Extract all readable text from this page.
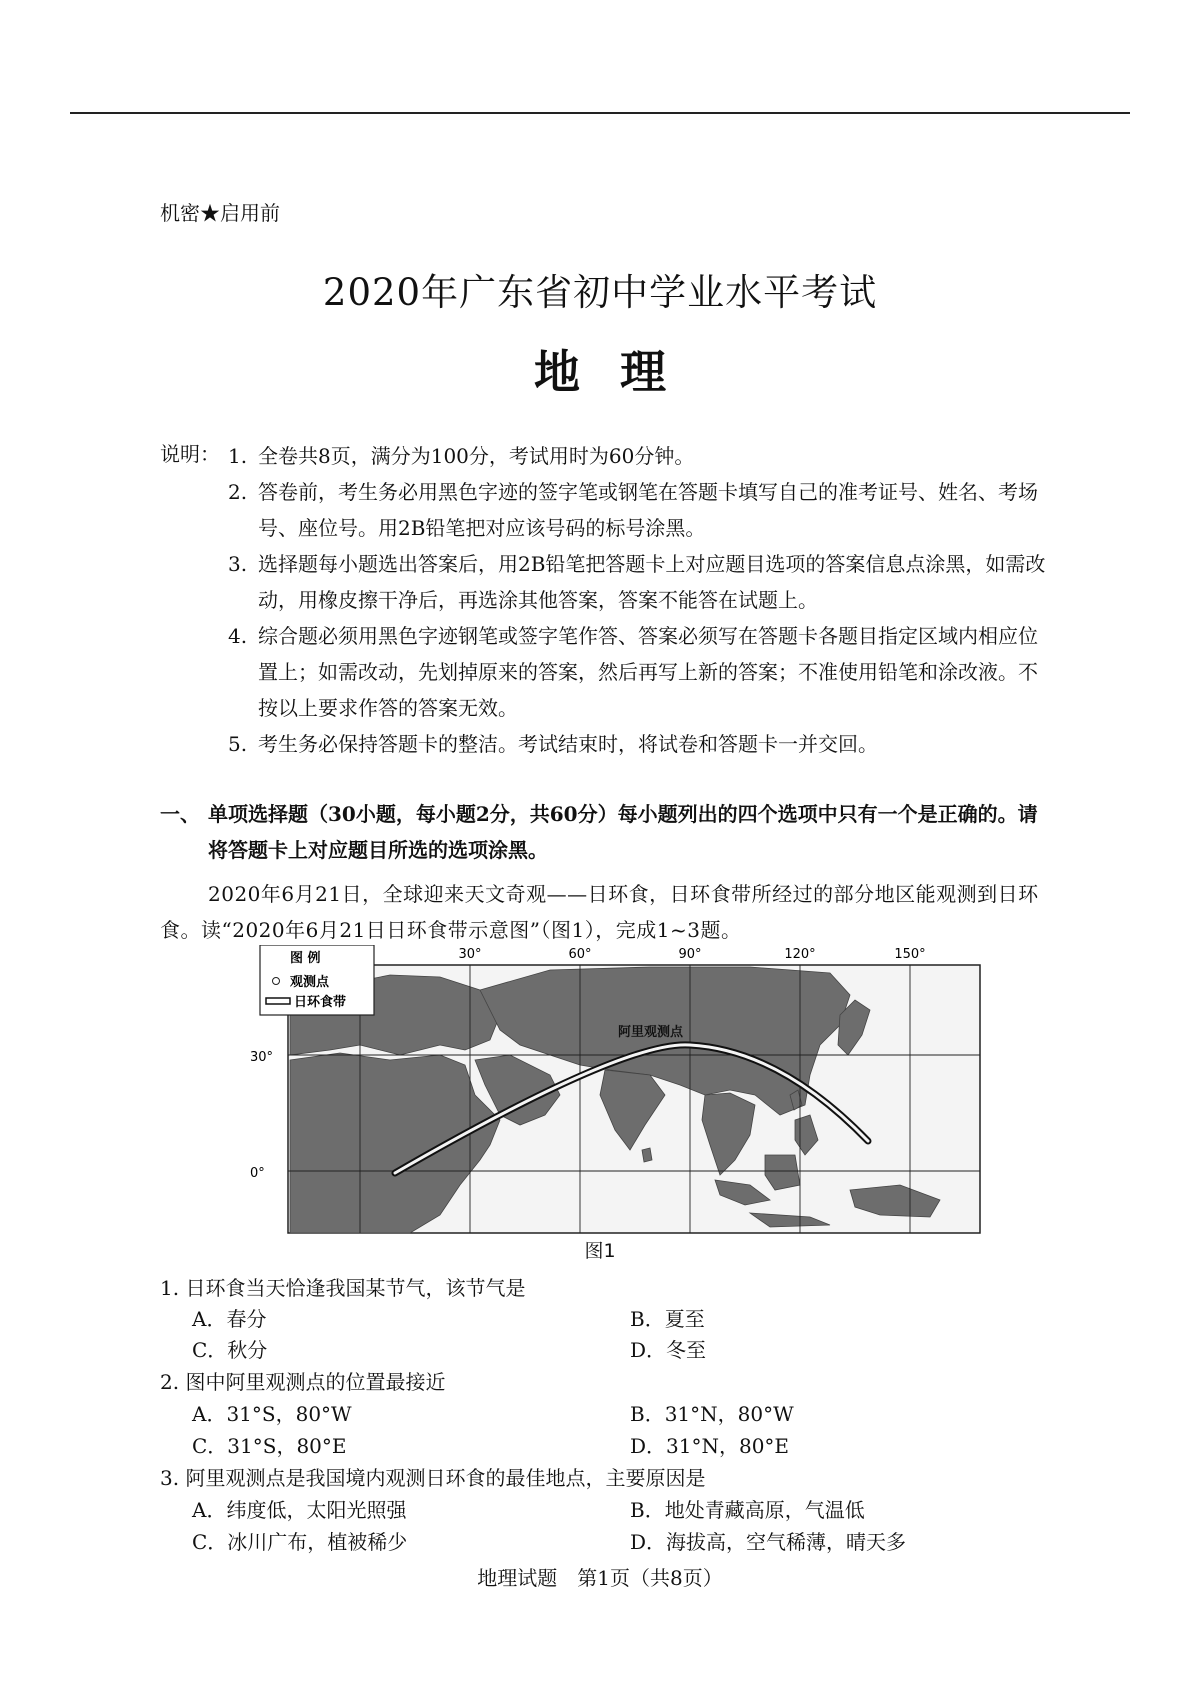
机密★启用前
2020年广东省初中学业水平考试
地理
说明： 1. 全卷共8页，满分为100分，考试用时为60分钟。
2. 答卷前，考生务必用黑色字迹的签字笔或钢笔在答题卡填写自己的准考证号、姓名、考场号、座位号。用2B铅笔把对应该号码的标号涂黑。
3. 选择题每小题选出答案后，用2B铅笔把答题卡上对应题目选项的答案信息点涂黑，如需改动，用橡皮擦干净后，再选涂其他答案，答案不能答在试题上。
4. 综合题必须用黑色字迹钢笔或签字笔作答、答案必须写在答题卡各题目指定区域内相应位置上；如需改动，先划掉原来的答案，然后再写上新的答案；不准使用铅笔和涂改液。不按以上要求作答的答案无效。
5. 考生务必保持答题卡的整洁。考试结束时，将试卷和答题卡一并交回。
一、 单项选择题（30小题，每小题2分，共60分）每小题列出的四个选项中只有一个是正确的。请将答题卡上对应题目所选的选项涂黑。
2020年6月21日，全球迎来天文奇观——日环食，日环食带所经过的部分地区能观测到日环食。读“2020年6月21日日环食带示意图”（图1），完成1~3题。
30°	60°	90°	120°	150°
30°
0°
阿里观测点
图 例
观测点
日环食带
图1
1. 日环食当天恰逢我国某节气，该节气是
A．春分	B．夏至
C．秋分	D．冬至
2. 图中阿里观测点的位置最接近
A．31°S，80°W	B．31°N，80°W
C．31°S，80°E	D．31°N，80°E
3. 阿里观测点是我国境内观测日环食的最佳地点，主要原因是
A．纬度低，太阳光照强	B．地处青藏高原，气温低
C．冰川广布，植被稀少	D．海拔高，空气稀薄，晴天多
地理试题　第1页（共8页）
